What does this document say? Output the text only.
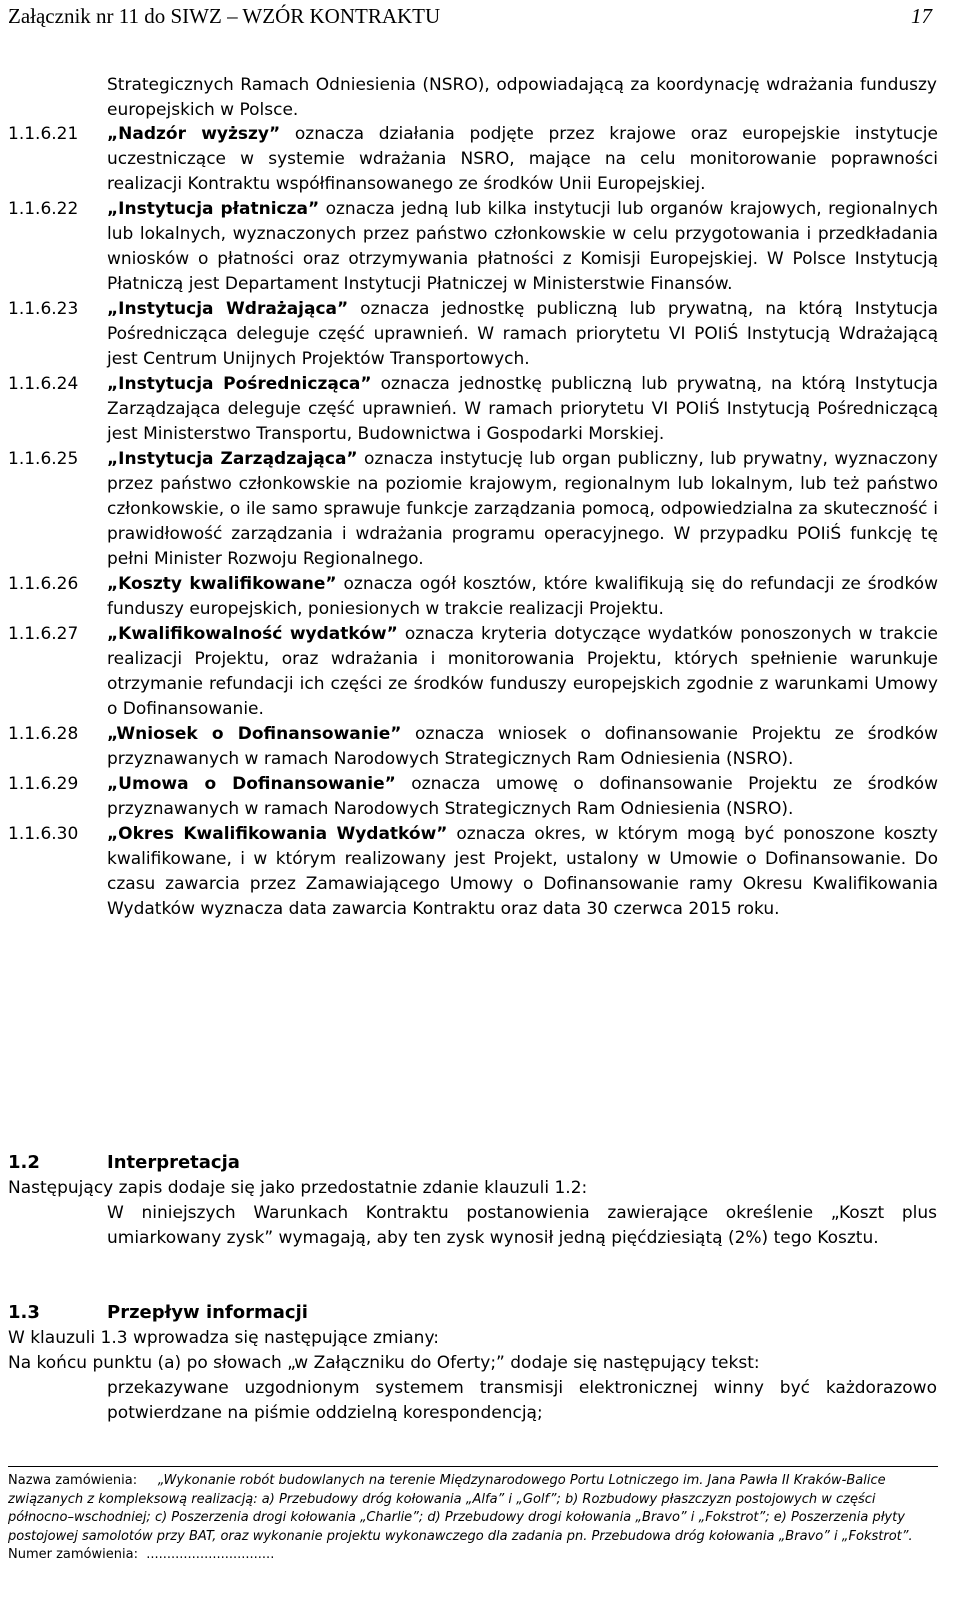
Załącznik nr 11 do SIWZ – WZÓR KONTRAKTU	17
Strategicznych Ramach Odniesienia (NSRO), odpowiadającą za koordynację wdrażania funduszy europejskich w Polsce.
1.1.6.21	„Nadzór wyższy” oznacza działania podjęte przez krajowe oraz europejskie instytucje uczestniczące w systemie wdrażania NSRO, mające na celu monitorowanie poprawności realizacji Kontraktu współfinansowanego ze środków Unii Europejskiej.
1.1.6.22	„Instytucja płatnicza” oznacza jedną lub kilka instytucji lub organów krajowych, regionalnych lub lokalnych, wyznaczonych przez państwo członkowskie w celu przygotowania i przedkładania wniosków o płatności oraz otrzymywania płatności z Komisji Europejskiej. W Polsce Instytucją Płatniczą jest Departament Instytucji Płatniczej w Ministerstwie Finansów.
1.1.6.23	„Instytucja Wdrażająca” oznacza jednostkę publiczną lub prywatną, na którą Instytucja Pośrednicząca deleguje część uprawnień. W ramach priorytetu VI POIiŚ Instytucją Wdrażającą jest Centrum Unijnych Projektów Transportowych.
1.1.6.24	„Instytucja Pośrednicząca” oznacza jednostkę publiczną lub prywatną, na którą Instytucja Zarządzająca deleguje część uprawnień. W ramach priorytetu VI POIiŚ Instytucją Pośredniczącą jest Ministerstwo Transportu, Budownictwa i Gospodarki Morskiej.
1.1.6.25	„Instytucja Zarządzająca” oznacza instytucję lub organ publiczny, lub prywatny, wyznaczony przez państwo członkowskie na poziomie krajowym, regionalnym lub lokalnym, lub też państwo członkowskie, o ile samo sprawuje funkcje zarządzania pomocą, odpowiedzialna za skuteczność i prawidłowość zarządzania i wdrażania programu operacyjnego. W przypadku POIiŚ funkcję tę pełni Minister Rozwoju Regionalnego.
1.1.6.26	„Koszty kwalifikowane” oznacza ogół kosztów, które kwalifikują się do refundacji ze środków funduszy europejskich, poniesionych w trakcie realizacji Projektu.
1.1.6.27	„Kwalifikowalność wydatków” oznacza kryteria dotyczące wydatków ponoszonych w trakcie realizacji Projektu, oraz wdrażania i monitorowania Projektu, których spełnienie warunkuje otrzymanie refundacji ich części ze środków funduszy europejskich zgodnie z warunkami Umowy o Dofinansowanie.
1.1.6.28	„Wniosek o Dofinansowanie” oznacza wniosek o dofinansowanie Projektu ze środków przyznawanych w ramach Narodowych Strategicznych Ram Odniesienia (NSRO).
1.1.6.29	„Umowa o Dofinansowanie” oznacza umowę o dofinansowanie Projektu ze środków przyznawanych w ramach Narodowych Strategicznych Ram Odniesienia (NSRO).
1.1.6.30	„Okres Kwalifikowania Wydatków” oznacza okres, w którym mogą być ponoszone koszty kwalifikowane, i w którym realizowany jest Projekt, ustalony w Umowie o Dofinansowanie. Do czasu zawarcia przez Zamawiającego Umowy o Dofinansowanie ramy Okresu Kwalifikowania Wydatków wyznacza data zawarcia Kontraktu oraz data 30 czerwca 2015 roku.
1.2	Interpretacja
Następujący zapis dodaje się jako przedostatnie zdanie klauzuli 1.2:
W niniejszych Warunkach Kontraktu postanowienia zawierające określenie „Koszt plus umiarkowany zysk” wymagają, aby ten zysk wynosił jedną pięćdziesiątą (2%) tego Kosztu.
1.3	Przepływ informacji
W klauzuli 1.3 wprowadza się następujące zmiany:
Na końcu punktu (a) po słowach „w Załączniku do Oferty;” dodaje się następujący tekst:
przekazywane uzgodnionym systemem transmisji elektronicznej winny być każdorazowo potwierdzane na piśmie oddzielną korespondencją;
Nazwa zamówienia: „Wykonanie robót budowlanych na terenie Międzynarodowego Portu Lotniczego im. Jana Pawła II Kraków-Balice związanych z kompleksową realizacją: a) Przebudowy dróg kołowania „Alfa” i „Golf”; b) Rozbudowy płaszczyzn postojowych w części północno–wschodniej; c) Poszerzenia drogi kołowania „Charlie”; d) Przebudowy drogi kołowania „Bravo” i „Fokstrot”; e) Poszerzenia płyty postojowej samolotów przy BAT, oraz wykonanie projektu wykonawczego dla zadania pn. Przebudowa dróg kołowania „Bravo” i „Fokstrot”.
Numer zamówienia: ...............................
